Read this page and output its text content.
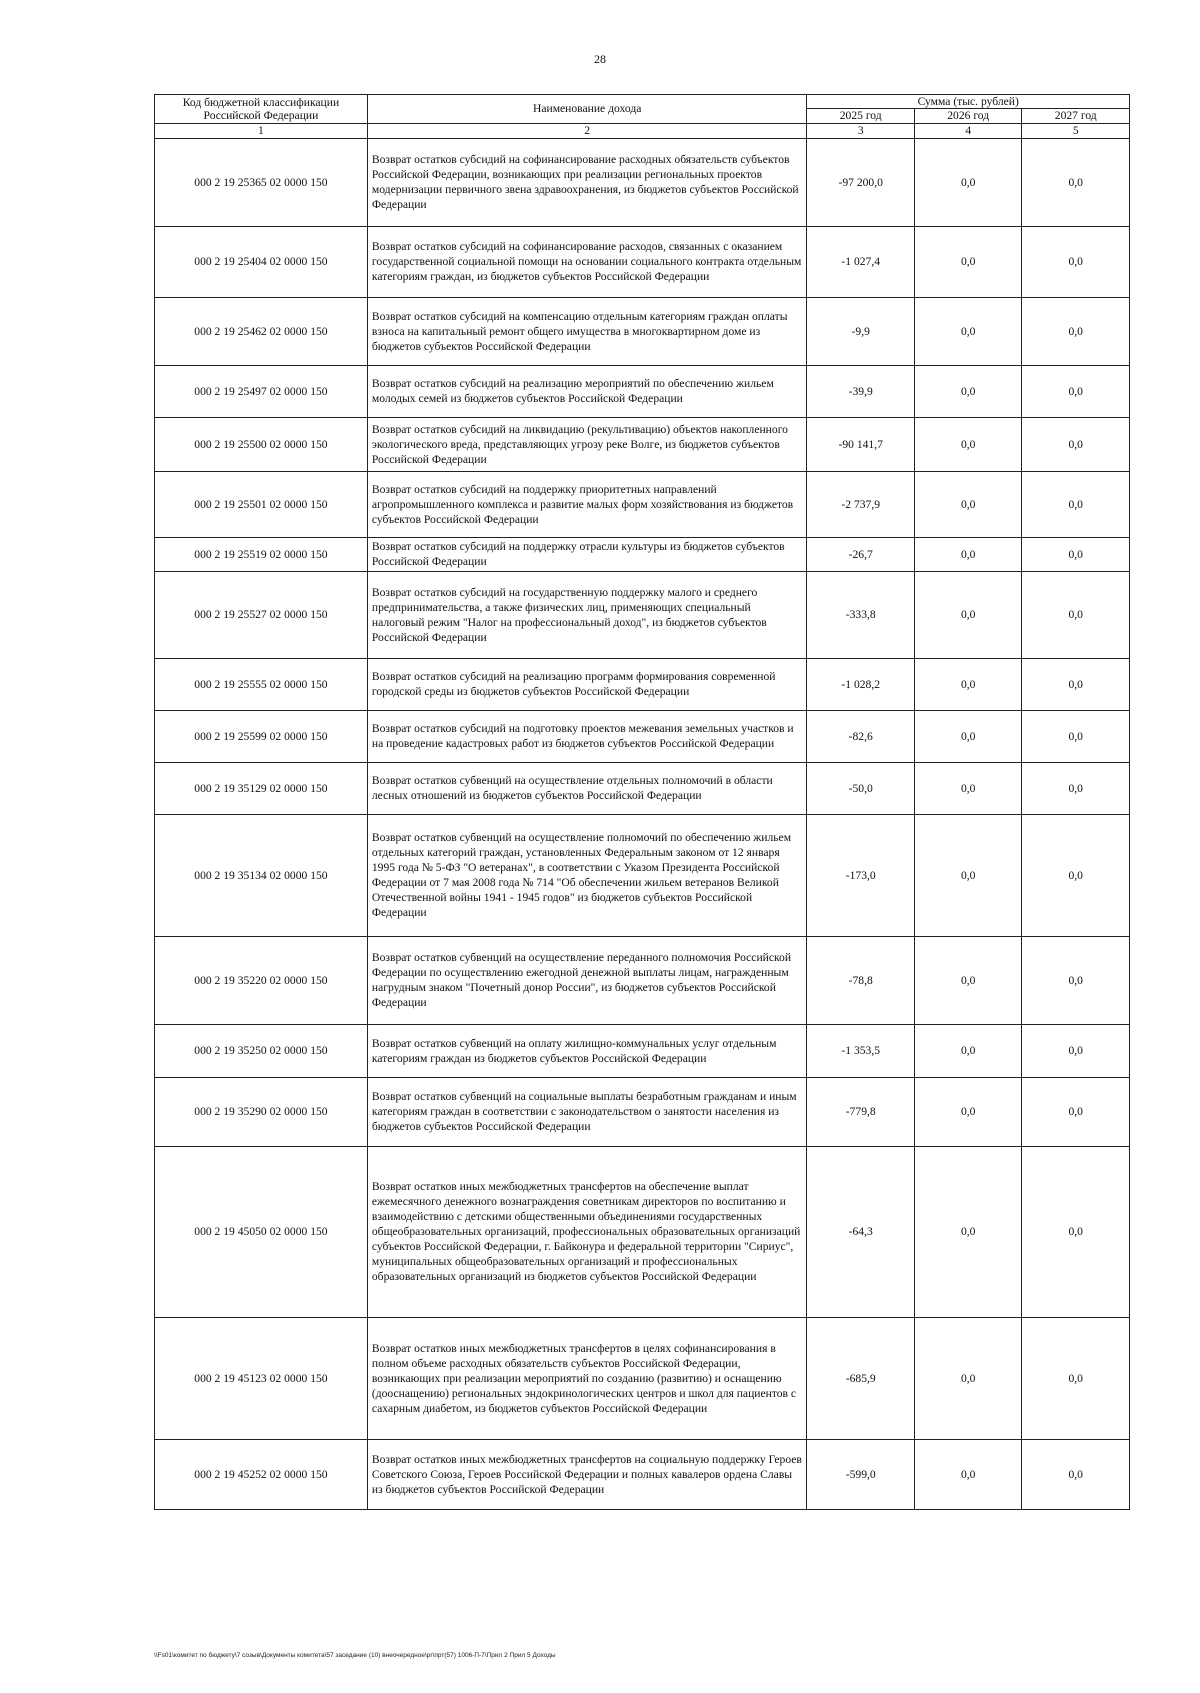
28
Код бюджетной классификации Российской Федерации	Наименование дохода	Сумма (тыс. рублей)		
		2025 год	2026 год	2027 год
1	2	3	4	5
000 2 19 25365 02 0000 150	Возврат остатков субсидий на софинансирование расходных обязательств субъектов Российской Федерации, возникающих при реализации региональных проектов модернизации первичного звена здравоохранения, из бюджетов субъектов Российской Федерации	-97 200,0	0,0	0,0
000 2 19 25404 02 0000 150	Возврат остатков субсидий на софинансирование расходов, связанных с оказанием государственной социальной помощи на основании социального контракта отдельным категориям граждан, из бюджетов субъектов Российской Федерации	-1 027,4	0,0	0,0
000 2 19 25462 02 0000 150	Возврат остатков субсидий на компенсацию отдельным категориям граждан оплаты взноса на капитальный ремонт общего имущества в многоквартирном доме из бюджетов субъектов Российской Федерации	-9,9	0,0	0,0
000 2 19 25497 02 0000 150	Возврат остатков субсидий на реализацию мероприятий по обеспечению жильем молодых семей из бюджетов субъектов Российской Федерации	-39,9	0,0	0,0
000 2 19 25500 02 0000 150	Возврат остатков субсидий на ликвидацию (рекультивацию) объектов накопленного экологического вреда, представляющих угрозу реке Волге, из бюджетов субъектов Российской Федерации	-90 141,7	0,0	0,0
000 2 19 25501 02 0000 150	Возврат остатков субсидий на поддержку приоритетных направлений агропромышленного комплекса и развитие малых форм хозяйствования из бюджетов субъектов Российской Федерации	-2 737,9	0,0	0,0
000 2 19 25519 02 0000 150	Возврат остатков субсидий на поддержку отрасли культуры из бюджетов субъектов Российской Федерации	-26,7	0,0	0,0
000 2 19 25527 02 0000 150	Возврат остатков субсидий на государственную поддержку малого и среднего предпринимательства, а также физических лиц, применяющих специальный налоговый режим "Налог на профессиональный доход", из бюджетов субъектов Российской Федерации	-333,8	0,0	0,0
000 2 19 25555 02 0000 150	Возврат остатков субсидий на реализацию программ формирования современной городской среды из бюджетов субъектов Российской Федерации	-1 028,2	0,0	0,0
000 2 19 25599 02 0000 150	Возврат остатков субсидий на подготовку проектов межевания земельных участков и на проведение кадастровых работ из бюджетов субъектов Российской Федерации	-82,6	0,0	0,0
000 2 19 35129 02 0000 150	Возврат остатков субвенций на осуществление отдельных полномочий в области лесных отношений из бюджетов субъектов Российской Федерации	-50,0	0,0	0,0
000 2 19 35134 02 0000 150	Возврат остатков субвенций на осуществление полномочий по обеспечению жильем отдельных категорий граждан, установленных Федеральным законом от 12 января 1995 года № 5-ФЗ "О ветеранах", в соответствии с Указом Президента Российской Федерации от 7 мая 2008 года № 714 "Об обеспечении жильем ветеранов Великой Отечественной войны 1941 - 1945 годов" из бюджетов субъектов Российской Федерации	-173,0	0,0	0,0
000 2 19 35220 02 0000 150	Возврат остатков субвенций на осуществление переданного полномочия Российской Федерации по осуществлению ежегодной денежной выплаты лицам, награжденным нагрудным знаком "Почетный донор России", из бюджетов субъектов Российской Федерации	-78,8	0,0	0,0
000 2 19 35250 02 0000 150	Возврат остатков субвенций на оплату жилищно-коммунальных услуг отдельным категориям граждан из бюджетов субъектов Российской Федерации	-1 353,5	0,0	0,0
000 2 19 35290 02 0000 150	Возврат остатков субвенций на социальные выплаты безработным гражданам и иным категориям граждан в соответствии с законодательством о занятости населения из бюджетов субъектов Российской Федерации	-779,8	0,0	0,0
000 2 19 45050 02 0000 150	Возврат остатков иных межбюджетных трансфертов на обеспечение выплат ежемесячного денежного вознаграждения советникам директоров по воспитанию и взаимодействию с детскими общественными объединениями государственных общеобразовательных организаций, профессиональных образовательных организаций субъектов Российской Федерации, г. Байконура и федеральной территории "Сириус", муниципальных общеобразовательных организаций и профессиональных образовательных организаций из бюджетов субъектов Российской Федерации	-64,3	0,0	0,0
000 2 19 45123 02 0000 150	Возврат остатков иных межбюджетных трансфертов в целях софинансирования в полном объеме расходных обязательств субъектов Российской Федерации, возникающих при реализации мероприятий по созданию (развитию) и оснащению (дооснащению) региональных эндокринологических центров и школ для пациентов с сахарным диабетом, из бюджетов субъектов Российской Федерации	-685,9	0,0	0,0
000 2 19 45252 02 0000 150	Возврат остатков иных межбюджетных трансфертов на социальную поддержку Героев Советского Союза, Героев Российской Федерации и полных кавалеров ордена Славы из бюджетов субъектов Российской Федерации	-599,0	0,0	0,0
\\Fs01\комитет по бюджету\7 созыв\Документы комитета\57 заседание (10) внеочередное\pr\прт(57) 1006-П-7\Прил 2 Прил 5 Доходы
